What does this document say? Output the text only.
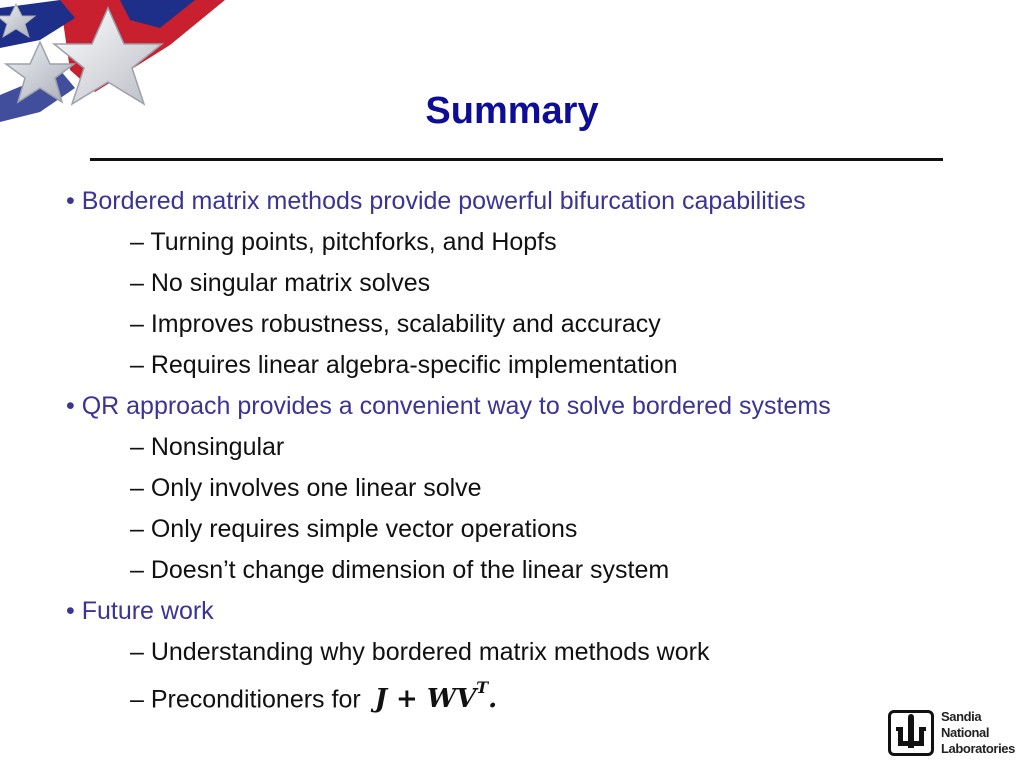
Summary
• Bordered matrix methods provide powerful bifurcation capabilities
– Turning points, pitchforks, and Hopfs
– No singular matrix solves
– Improves robustness, scalability and accuracy
– Requires linear algebra-specific implementation
• QR approach provides a convenient way to solve bordered systems
– Nonsingular
– Only involves one linear solve
– Only requires simple vector operations
– Doesn’t change dimension of the linear system
• Future work
– Understanding why bordered matrix methods work
– Preconditioners for $J + WV^T$.
Sandia
National
Laboratories
